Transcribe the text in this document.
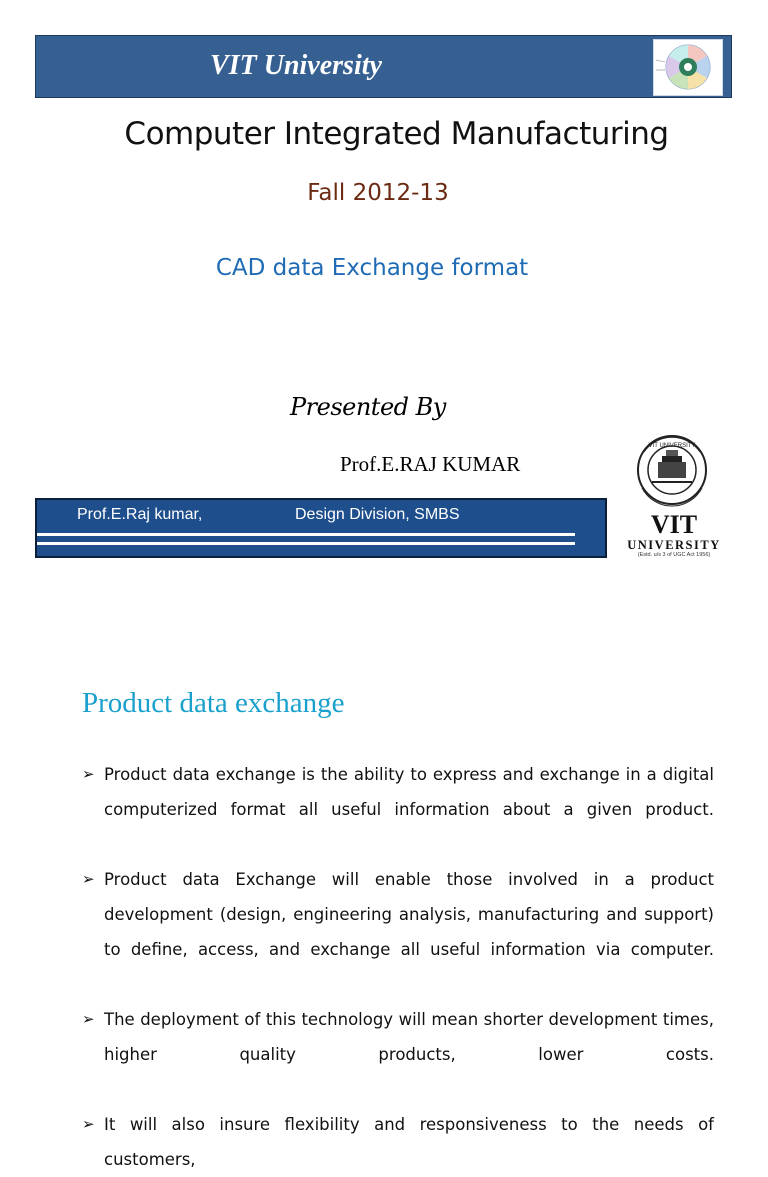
VIT University
Computer Integrated Manufacturing
Fall 2012-13
CAD data Exchange format
Presented By
Prof.E.RAJ KUMAR
Prof.E.Raj kumar,	Design Division, SMBS
VIT UNIVERSITY
VIT
UNIVERSITY
(Estd. u/s 3 of UGC Act 1956)
Product data exchange
➢ Product data exchange is the ability to express and exchange in a digital computerized format all useful information about a given product.
➢ Product data Exchange will enable those involved in a product development (design, engineering analysis, manufacturing and support) to define, access, and exchange all useful information via computer.
➢ The deployment of this technology will mean shorter development times, higher quality products, lower costs.
➢ It will also insure flexibility and responsiveness to the needs of customers,
